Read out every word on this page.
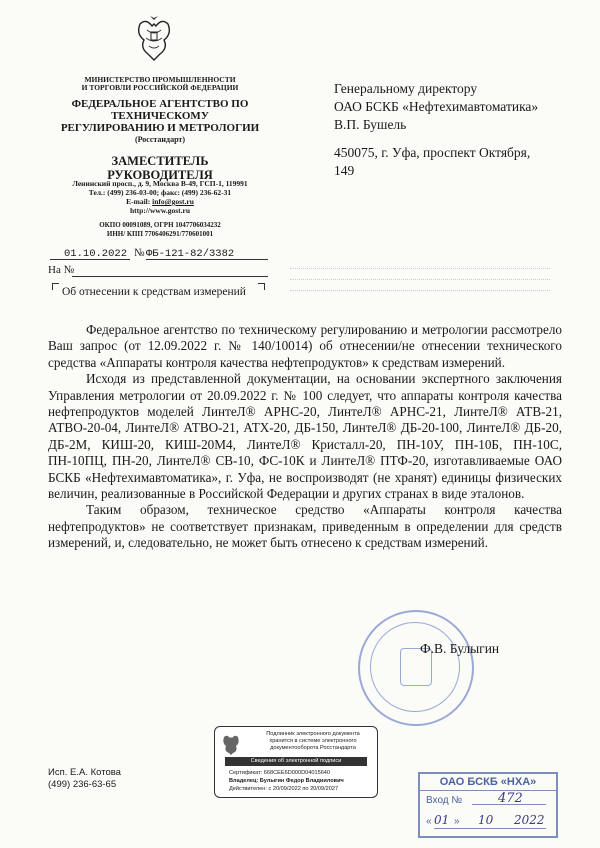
МИНИСТЕРСТВО ПРОМЫШЛЕННОСТИ
И ТОРГОВЛИ РОССИЙСКОЙ ФЕДЕРАЦИИ
ФЕДЕРАЛЬНОЕ АГЕНТСТВО ПО ТЕХНИЧЕСКОМУ РЕГУЛИРОВАНИЮ И МЕТРОЛОГИИ
(Росстандарт)
ЗАМЕСТИТЕЛЬ РУКОВОДИТЕЛЯ
Ленинский просп., д. 9, Москва В-49, ГСП-1, 119991
Тел.: (499) 236-03-00; факс: (499) 236-62-31
E-mail: info@gost.ru
http://www.gost.ru
ОКПО 00091089, ОГРН 1047706034232
ИНН/ КПП 7706406291/770601001
01.10.2022 № ФБ-121-82/3382
На №
Об отнесении к средствам измерений
Генеральному директору
ОАО БСКБ «Нефтехимавтоматика»
В.П. Бушель
450075, г. Уфа, проспект Октября,
149

Федеральное агентство по техническому регулированию и метрологии рассмотрело Ваш запрос (от 12.09.2022 г. № 140/10014) об отнесении/не отнесении технического средства «Аппараты контроля качества нефтепродуктов» к средствам измерений.

Исходя из представленной документации, на основании экспертного заключения Управления метрологии от 20.09.2022 г. № 100 следует, что аппараты контроля качества нефтепродуктов моделей ЛинтеЛ® АРНС-20, ЛинтеЛ® АРНС-21, ЛинтеЛ® АТВ-21, АТВО-20-04, ЛинтеЛ® АТВО-21, АТХ-20, ДБ-150, ЛинтеЛ® ДБ-20-100, ЛинтеЛ® ДБ-20, ДБ-2М, КИШ-20, КИШ-20М4, ЛинтеЛ® Кристалл-20, ПН-10У, ПН-10Б, ПН-10С, ПН-10ПЦ, ПН-20, ЛинтеЛ® СВ-10, ФС-10К и ЛинтеЛ® ПТФ-20, изготавливаемые ОАО БСКБ «Нефтехимавтоматика», г. Уфа, не воспроизводят (не хранят) единицы физических величин, реализованные в Российской Федерации и других странах в виде эталонов.

Таким образом, техническое средство «Аппараты контроля качества нефтепродуктов» не соответствует признакам, приведенным в определении для средств измерений, и, следовательно, не может быть отнесено к средствам измерений.

Ф.В. Булыгин
Подлинник электронного документа
хранится в системе электронного
документооборота Росстандарта
Сведения об электронной подписи
Сертификат: 668CEE6D000D04015640
Владелец: Булыгин Федор Владиилович
Действителен: с 20/09/2022 по 20/09/2027
Исп. Е.А. Котова
(499) 236-63-65	ОАО БСКБ «НХА»
Вход №	472
« 01 » 10 2022
